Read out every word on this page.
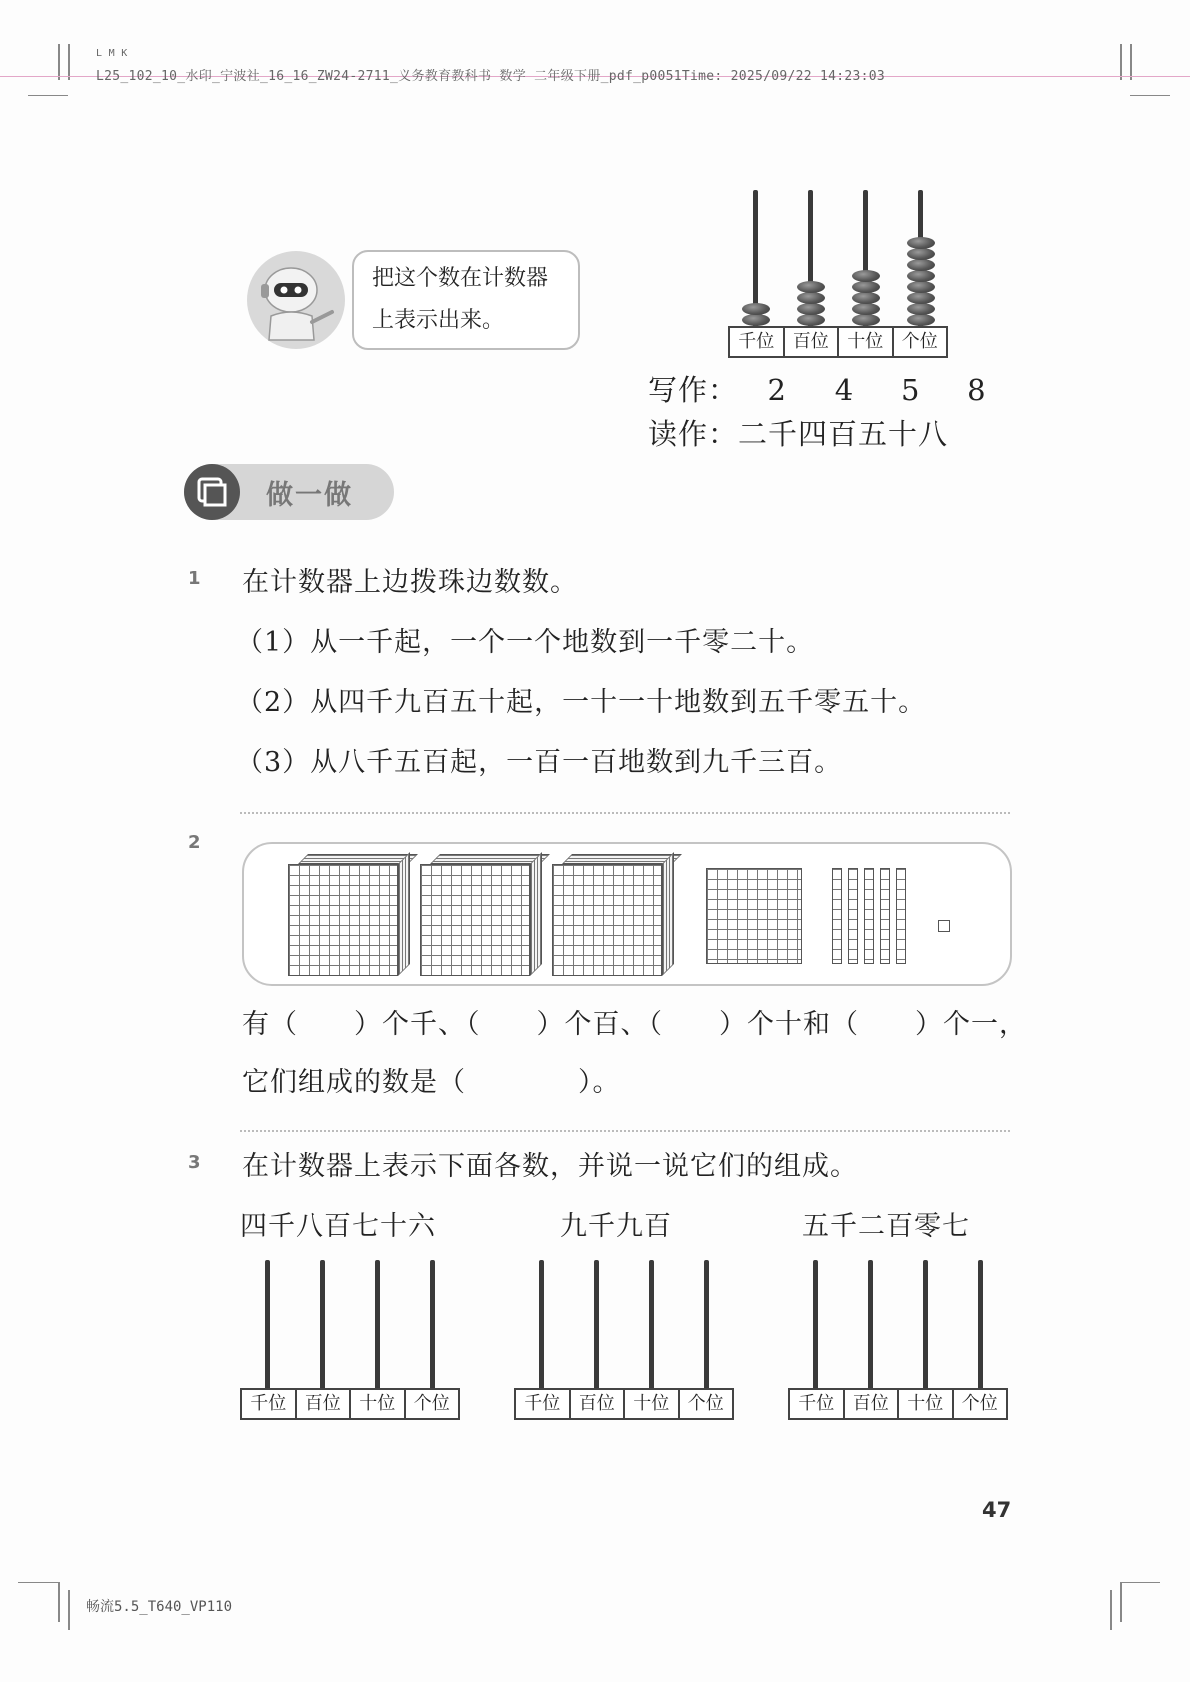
L M K
L25_102_10_水印_宁波社_16_16_ZW24-2711_义务教育教科书 数学 二年级下册_pdf_p0051Time: 2025/09/22 14:23:03
把这个数在计数器
上表示出来。
千位	百位	十位	个位
写作： 2 4 5 8
读作：二千四百五十八
做一做
1 在计数器上边拨珠边数数。
（1）从一千起，一个一个地数到一千零二十。
（2）从四千九百五十起，一十一十地数到五千零五十。
（3）从八千五百起，一百一百地数到九千三百。
2
有（　　）个千、（　　）个百、（　　）个十和（　　）个一，
它们组成的数是（　　　　）。
3 在计数器上表示下面各数，并说一说它们的组成。
四千八百七十六	九千九百	五千二百零七
千位	百位	十位	个位	千位	百位	十位	个位	千位	百位	十位	个位
47
畅流5.5_T640_VP110
